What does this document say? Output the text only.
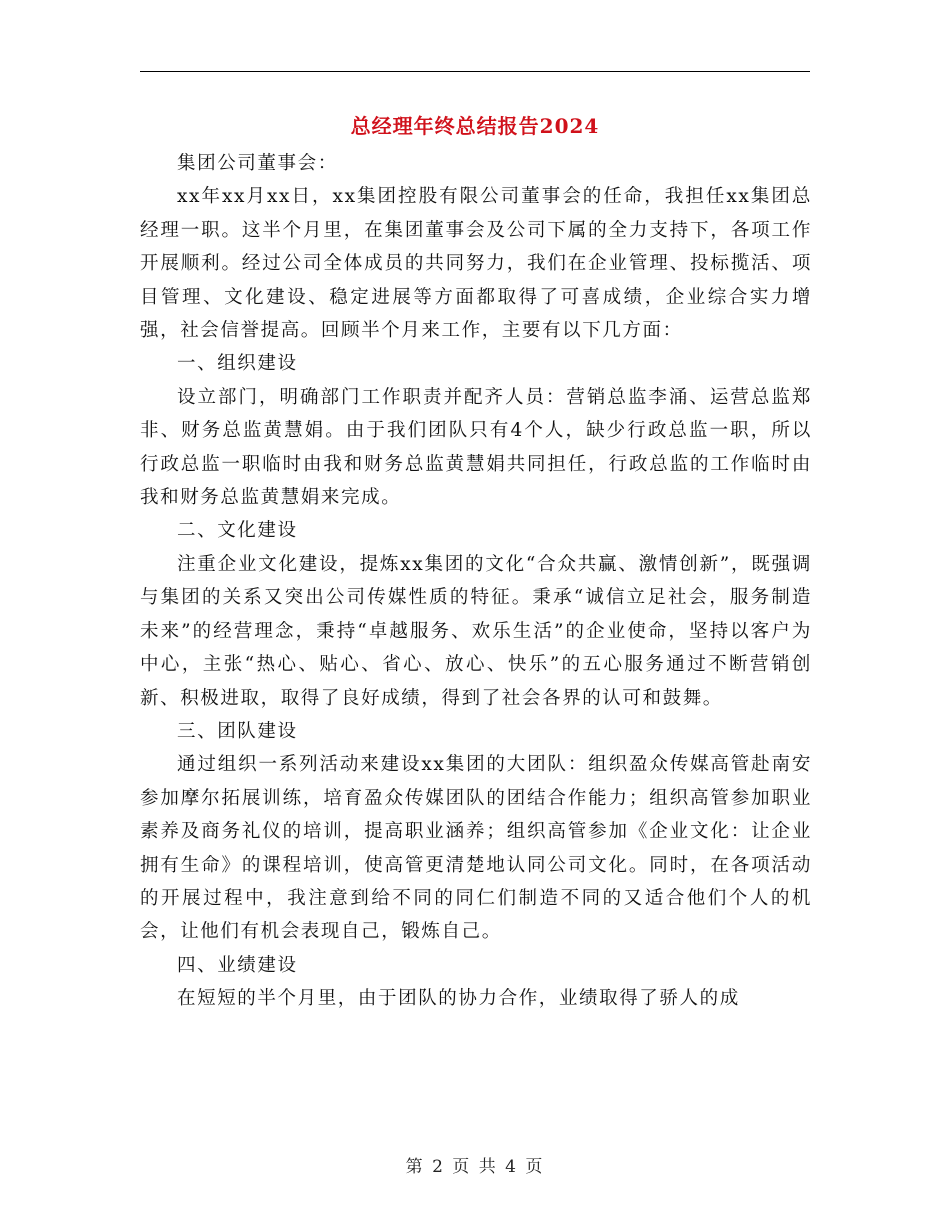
总经理年终总结报告2024

集团公司董事会：

xx年xx月xx日，xx集团控股有限公司董事会的任命，我担任xx集团总经理一职。这半个月里，在集团董事会及公司下属的全力支持下，各项工作开展顺利。经过公司全体成员的共同努力，我们在企业管理、投标揽活、项目管理、文化建设、稳定进展等方面都取得了可喜成绩，企业综合实力增强，社会信誉提高。回顾半个月来工作，主要有以下几方面：

一、组织建设

设立部门，明确部门工作职责并配齐人员：营销总监李涌、运营总监郑非、财务总监黄慧娟。由于我们团队只有4个人，缺少行政总监一职，所以行政总监一职临时由我和财务总监黄慧娟共同担任，行政总监的工作临时由我和财务总监黄慧娟来完成。

二、文化建设

注重企业文化建设，提炼xx集团的文化“合众共赢、激情创新”，既强调与集团的关系又突出公司传媒性质的特征。秉承“诚信立足社会，服务制造未来”的经营理念，秉持“卓越服务、欢乐生活”的企业使命，坚持以客户为中心，主张“热心、贴心、省心、放心、快乐”的五心服务通过不断营销创新、积极进取，取得了良好成绩，得到了社会各界的认可和鼓舞。

三、团队建设

通过组织一系列活动来建设xx集团的大团队：组织盈众传媒高管赴南安参加摩尔拓展训练，培育盈众传媒团队的团结合作能力；组织高管参加职业素养及商务礼仪的培训，提高职业涵养；组织高管参加《企业文化：让企业拥有生命》的课程培训，使高管更清楚地认同公司文化。同时，在各项活动的开展过程中，我注意到给不同的同仁们制造不同的又适合他们个人的机会，让他们有机会表现自己，锻炼自己。

四、业绩建设

在短短的半个月里，由于团队的协力合作，业绩取得了骄人的成

第 2 页 共 4 页
